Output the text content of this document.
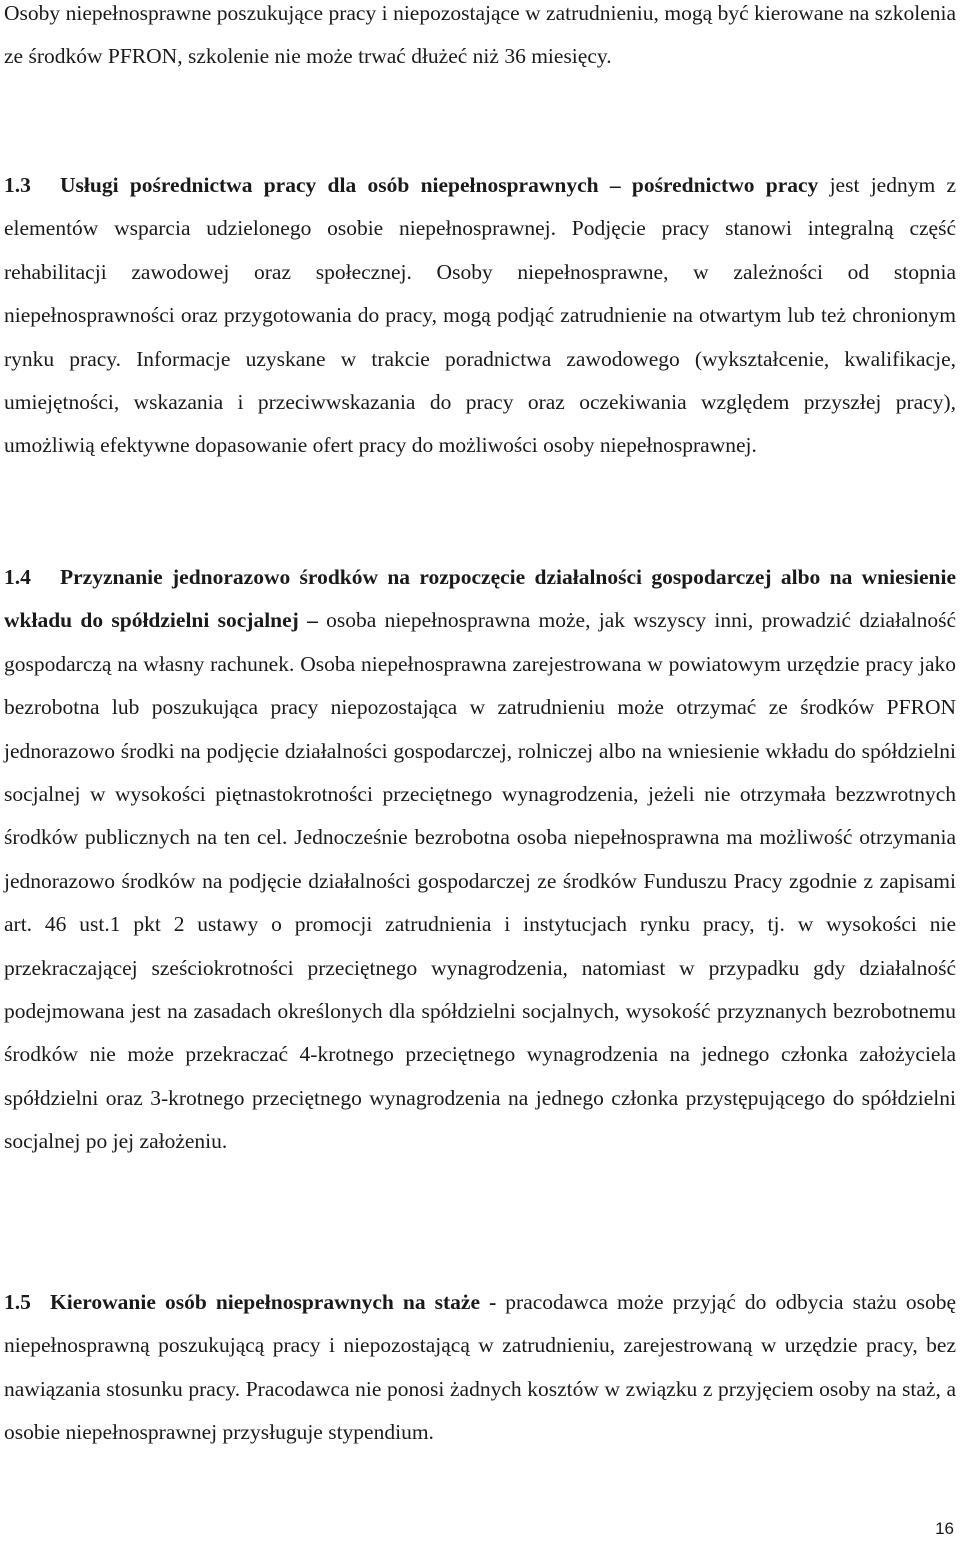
Osoby niepełnosprawne poszukujące pracy i niepozostające w zatrudnieniu, mogą być kierowane na szkolenia ze środków PFRON, szkolenie nie może trwać dłużeć niż 36 miesięcy.

1.3 Usługi pośrednictwa pracy dla osób niepełnosprawnych – pośrednictwo pracy jest jednym z elementów wsparcia udzielonego osobie niepełnosprawnej. Podjęcie pracy stanowi integralną część rehabilitacji zawodowej oraz społecznej. Osoby niepełnosprawne, w zależności od stopnia niepełnosprawności oraz przygotowania do pracy, mogą podjąć zatrudnienie na otwartym lub też chronionym rynku pracy. Informacje uzyskane w trakcie poradnictwa zawodowego (wykształcenie, kwalifikacje, umiejętności, wskazania i przeciwwskazania do pracy oraz oczekiwania względem przyszłej pracy), umożliwią efektywne dopasowanie ofert pracy do możliwości osoby niepełnosprawnej.

1.4 Przyznanie jednorazowo środków na rozpoczęcie działalności gospodarczej albo na wniesienie wkładu do spółdzielni socjalnej – osoba niepełnosprawna może, jak wszyscy inni, prowadzić działalność gospodarczą na własny rachunek. Osoba niepełnosprawna zarejestrowana w powiatowym urzędzie pracy jako bezrobotna lub poszukująca pracy niepozostająca w zatrudnieniu może otrzymać ze środków PFRON jednorazowo środki na podjęcie działalności gospodarczej, rolniczej albo na wniesienie wkładu do spółdzielni socjalnej w wysokości piętnastokrotności przeciętnego wynagrodzenia, jeżeli nie otrzymała bezzwrotnych środków publicznych na ten cel. Jednocześnie bezrobotna osoba niepełnosprawna ma możliwość otrzymania jednorazowo środków na podjęcie działalności gospodarczej ze środków Funduszu Pracy zgodnie z zapisami art. 46 ust.1 pkt 2 ustawy o promocji zatrudnienia i instytucjach rynku pracy, tj. w wysokości nie przekraczającej sześciokrotności przeciętnego wynagrodzenia, natomiast w przypadku gdy działalność podejmowana jest na zasadach określonych dla spółdzielni socjalnych, wysokość przyznanych bezrobotnemu środków nie może przekraczać 4-krotnego przeciętnego wynagrodzenia na jednego członka założyciela spółdzielni oraz 3-krotnego przeciętnego wynagrodzenia na jednego członka przystępującego do spółdzielni socjalnej po jej założeniu.

1.5 Kierowanie osób niepełnosprawnych na staże - pracodawca może przyjąć do odbycia stażu osobę niepełnosprawną poszukującą pracy i niepozostającą w zatrudnieniu, zarejestrowaną w urzędzie pracy, bez nawiązania stosunku pracy. Pracodawca nie ponosi żadnych kosztów w związku z przyjęciem osoby na staż, a osobie niepełnosprawnej przysługuje stypendium.

16
